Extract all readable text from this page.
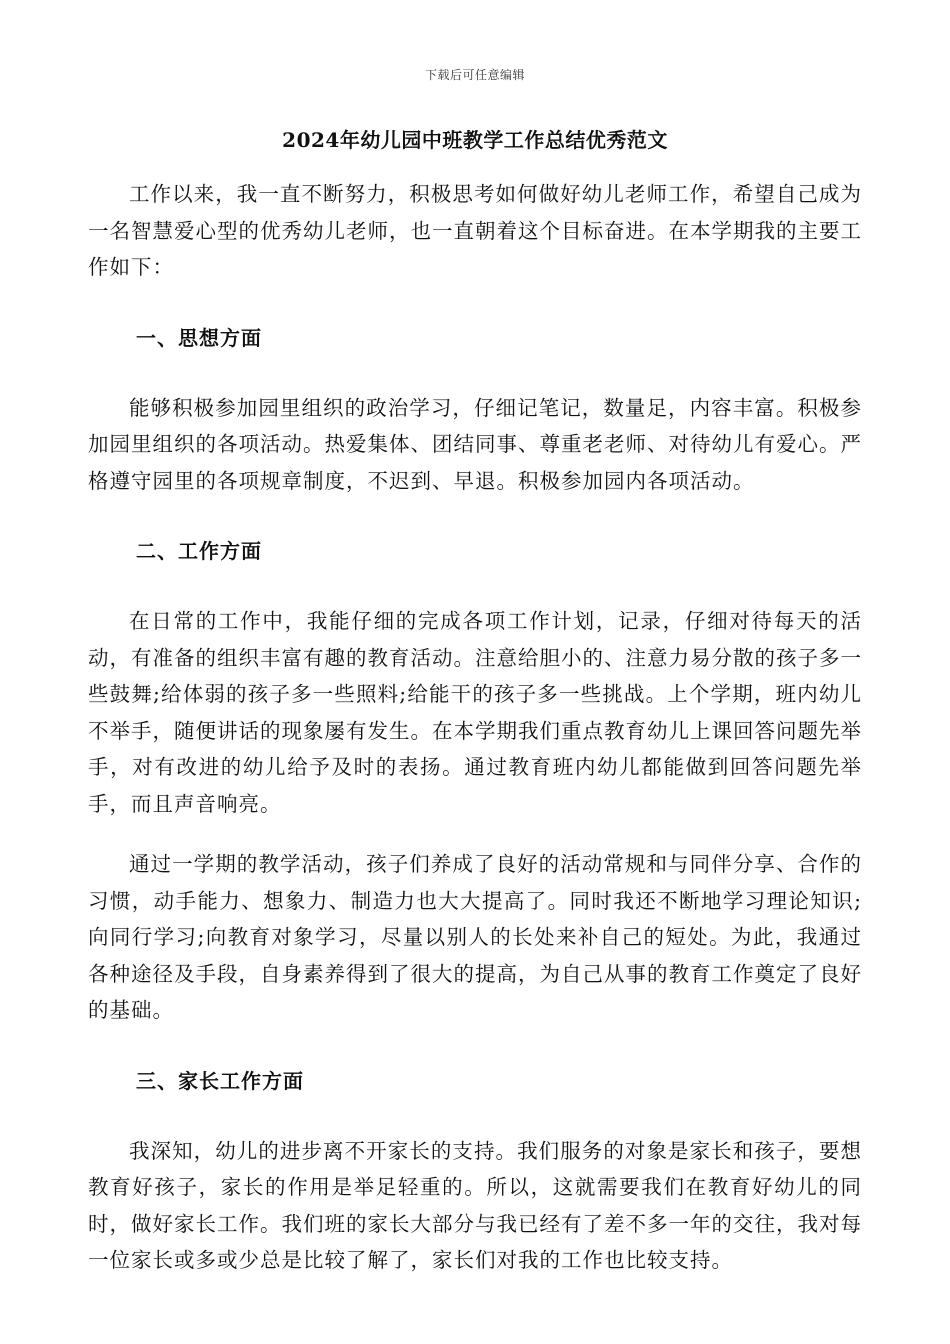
下载后可任意编辑
2024年幼儿园中班教学工作总结优秀范文

工作以来，我一直不断努力，积极思考如何做好幼儿老师工作，希望自己成为一名智慧爱心型的优秀幼儿老师，也一直朝着这个目标奋进。在本学期我的主要工作如下：

一、思想方面

能够积极参加园里组织的政治学习，仔细记笔记，数量足，内容丰富。积极参加园里组织的各项活动。热爱集体、团结同事、尊重老老师、对待幼儿有爱心。严格遵守园里的各项规章制度，不迟到、早退。积极参加园内各项活动。

二、工作方面

在日常的工作中，我能仔细的完成各项工作计划，记录，仔细对待每天的活动，有准备的组织丰富有趣的教育活动。注意给胆小的、注意力易分散的孩子多一些鼓舞;给体弱的孩子多一些照料;给能干的孩子多一些挑战。上个学期，班内幼儿不举手，随便讲话的现象屡有发生。在本学期我们重点教育幼儿上课回答问题先举手，对有改进的幼儿给予及时的表扬。通过教育班内幼儿都能做到回答问题先举手，而且声音响亮。

通过一学期的教学活动，孩子们养成了良好的活动常规和与同伴分享、合作的习惯，动手能力、想象力、制造力也大大提高了。同时我还不断地学习理论知识;向同行学习;向教育对象学习，尽量以别人的长处来补自己的短处。为此，我通过各种途径及手段，自身素养得到了很大的提高，为自己从事的教育工作奠定了良好的基础。

三、家长工作方面

我深知，幼儿的进步离不开家长的支持。我们服务的对象是家长和孩子，要想教育好孩子，家长的作用是举足轻重的。所以，这就需要我们在教育好幼儿的同时，做好家长工作。我们班的家长大部分与我已经有了差不多一年的交往，我对每一位家长或多或少总是比较了解了，家长们对我的工作也比较支持。
